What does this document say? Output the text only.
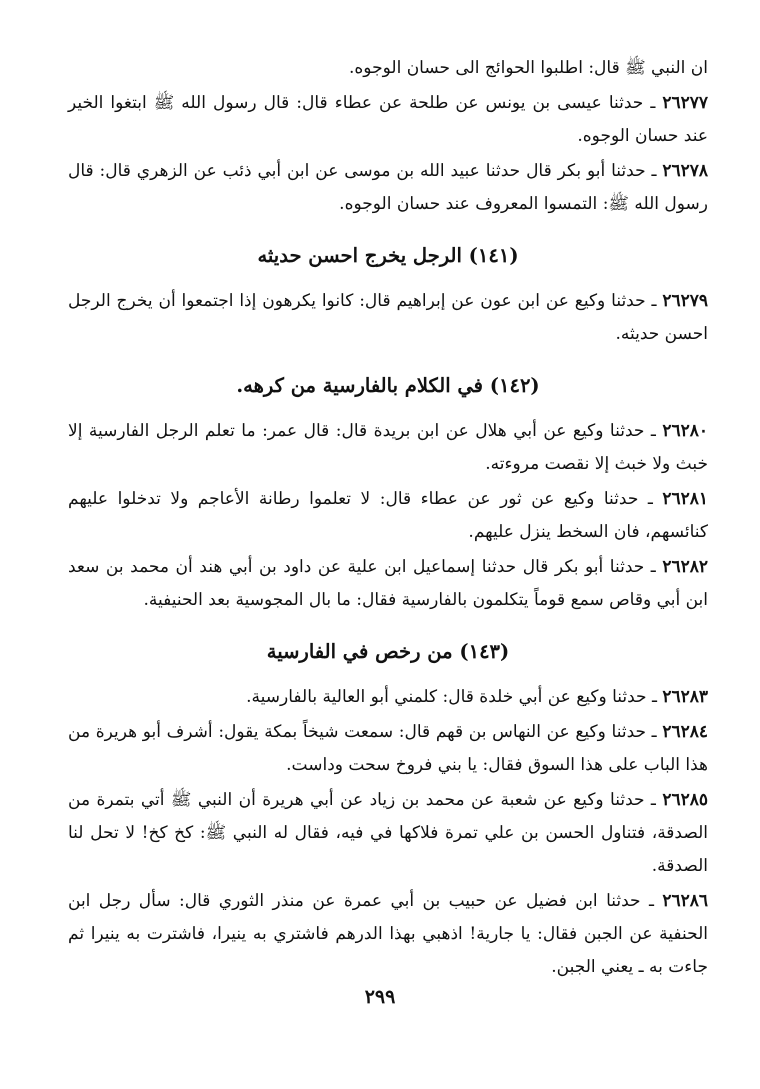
ان النبي ﷺ قال: اطلبوا الحوائج الى حسان الوجوه.

٢٦٢٧٧ ـ حدثنا عيسى بن يونس عن طلحة عن عطاء قال: قال رسول الله ﷺ ابتغوا الخير عند حسان الوجوه.

٢٦٢٧٨ ـ حدثنا أبو بكر قال حدثنا عبيد الله بن موسى عن ابن أبي ذئب عن الزهري قال: قال رسول الله ﷺ: التمسوا المعروف عند حسان الوجوه.

(١٤١) الرجل يخرج احسن حديثه

٢٦٢٧٩ ـ حدثنا وكيع عن ابن عون عن إبراهيم قال: كانوا يكرهون إذا اجتمعوا أن يخرج الرجل احسن حديثه.

(١٤٢) في الكلام بالفارسية من كرهه.

٢٦٢٨٠ ـ حدثنا وكيع عن أبي هلال عن ابن بريدة قال: قال عمر: ما تعلم الرجل الفارسية إلا خبث ولا خبث إلا نقصت مروءته.

٢٦٢٨١ ـ حدثنا وكيع عن ثور عن عطاء قال: لا تعلموا رطانة الأعاجم ولا تدخلوا عليهم كنائسهم، فان السخط ينزل عليهم.

٢٦٢٨٢ ـ حدثنا أبو بكر قال حدثنا إسماعيل ابن علية عن داود بن أبي هند أن محمد بن سعد ابن أبي وقاص سمع قوماً يتكلمون بالفارسية فقال: ما بال المجوسية بعد الحنيفية.

(١٤٣) من رخص في الفارسية

٢٦٢٨٣ ـ حدثنا وكيع عن أبي خلدة قال: كلمني أبو العالية بالفارسية.

٢٦٢٨٤ ـ حدثنا وكيع عن النهاس بن قهم قال: سمعت شيخاً بمكة يقول: أشرف أبو هريرة من هذا الباب على هذا السوق فقال: يا بني فروخ سحت وداست.

٢٦٢٨٥ ـ حدثنا وكيع عن شعبة عن محمد بن زياد عن أبي هريرة أن النبي ﷺ أتي بتمرة من الصدقة، فتناول الحسن بن علي تمرة فلاكها في فيه، فقال له النبي ﷺ: كخ كخ! لا تحل لنا الصدقة.

٢٦٢٨٦ ـ حدثنا ابن فضيل عن حبيب بن أبي عمرة عن منذر الثوري قال: سأل رجل ابن الحنفية عن الجبن فقال: يا جارية! اذهبي بهذا الدرهم فاشتري به ينيرا، فاشترت به ينيرا ثم جاءت به ـ يعني الجبن.

٢٩٩
